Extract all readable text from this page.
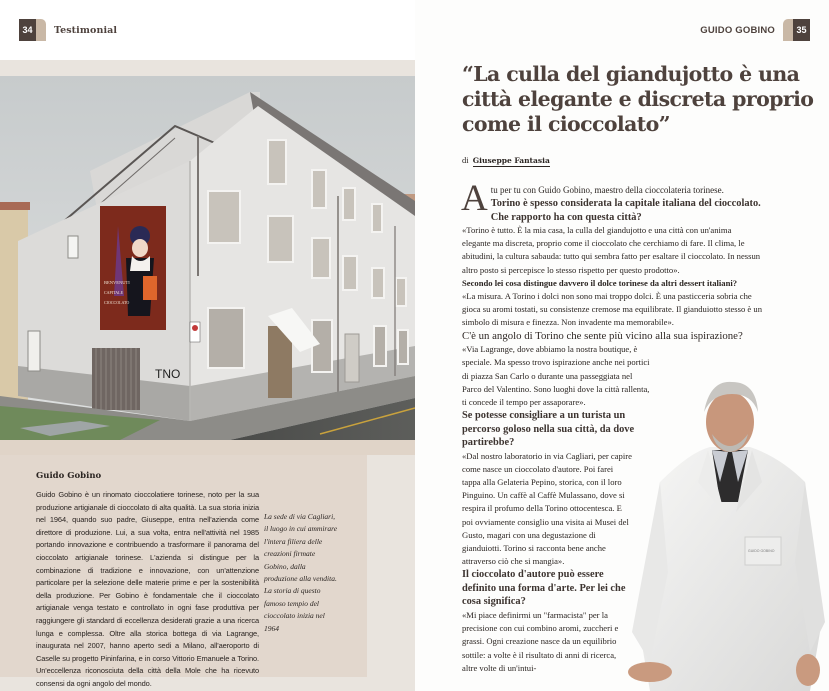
34	Testimonial
BENVENUTI
CAPITALE
CIOCCOLATO
TNO
Guido Gobino
Guido Gobino è un rinomato cioccolatiere torinese, noto per la sua produzione artigianale di cioccolato di alta qualità. La sua storia inizia nel 1964, quando suo padre, Giuseppe, entra nell'azienda come direttore di produzione. Lui, a sua volta, entra nell'attività nel 1985 portando innovazione e contribuendo a trasformare il panorama del cioccolato artigianale torinese. L'azienda si distingue per la combinazione di tradizione e innovazione, con un'attenzione particolare per la selezione delle materie prime e per la sostenibilità della produzione. Per Gobino è fondamentale che il cioccolato artigianale venga testato e controllato in ogni fase produttiva per raggiungere gli standard di eccellenza desiderati grazie a una ricerca lunga e complessa. Oltre alla storica bottega di via Lagrange, inaugurata nel 2007, hanno aperto sedi a Milano, all'aeroporto di Caselle su progetto Pininfarina, e in corso Vittorio Emanuele a Torino. Un'eccellenza riconosciuta della città della Mole che ha ricevuto consensi da ogni angolo del mondo.
La sede di via Cagliari, il luogo in cui ammirare l'intera filiera delle creazioni firmate Gobino, dalla produzione alla vendita. La storia di questo famoso tempio del cioccolato inizia nel 1964
GUIDO GOBINO	35
“La culla del giandujotto è una città elegante e discreta proprio come il cioccolato”
di Giuseppe Fantasia
A tu per tu con Guido Gobino, maestro della cioccolateria torinese.
Torino è spesso considerata la capitale italiana del cioccolato. Che rapporto ha con questa città?
«Torino è tutto. È la mia casa, la culla del giandujotto e una città con un'anima elegante ma discreta, proprio come il cioccolato che cerchiamo di fare. Il clima, le abitudini, la cultura sabauda: tutto qui sembra fatto per esaltare il cioccolato. In nessun altro posto si percepisce lo stesso rispetto per questo prodotto».
Secondo lei cosa distingue davvero il dolce torinese da altri dessert italiani?
«La misura. A Torino i dolci non sono mai troppo dolci. È una pasticceria sobria che gioca su aromi tostati, su consistenze cremose ma equilibrate. Il gianduiotto stesso è un simbolo di misura e finezza. Non invadente ma memorabile».
C'è un angolo di Torino che sente più vicino alla sua ispirazione?
«Via Lagrange, dove abbiamo la nostra boutique, è speciale. Ma spesso trovo ispirazione anche nei portici di piazza San Carlo o durante una passeggiata nel Parco del Valentino. Sono luoghi dove la città rallenta, ti concede il tempo per assaporare».
Se potesse consigliare a un turista un percorso goloso nella sua città, da dove partirebbe?
«Dal nostro laboratorio in via Cagliari, per capire come nasce un cioccolato d'autore. Poi farei tappa alla Gelateria Pepino, storica, con il loro Pinguino. Un caffè al Caffè Mulassano, dove si respira il profumo della Torino ottocentesca. E poi ovviamente consiglio una visita ai Musei del Gusto, magari con una degustazione di gianduiotti. Torino si racconta bene anche attraverso ciò che si mangia».
Il cioccolato d'autore può essere definito una forma d'arte. Per lei che cosa significa?
«Mi piace definirmi un "farmacista" per la precisione con cui combino aromi, zuccheri e grassi. Ogni creazione nasce da un equilibrio sottile: a volte è il risultato di anni di ricerca, altre volte di un'intui-
GUIDO GOBINO
